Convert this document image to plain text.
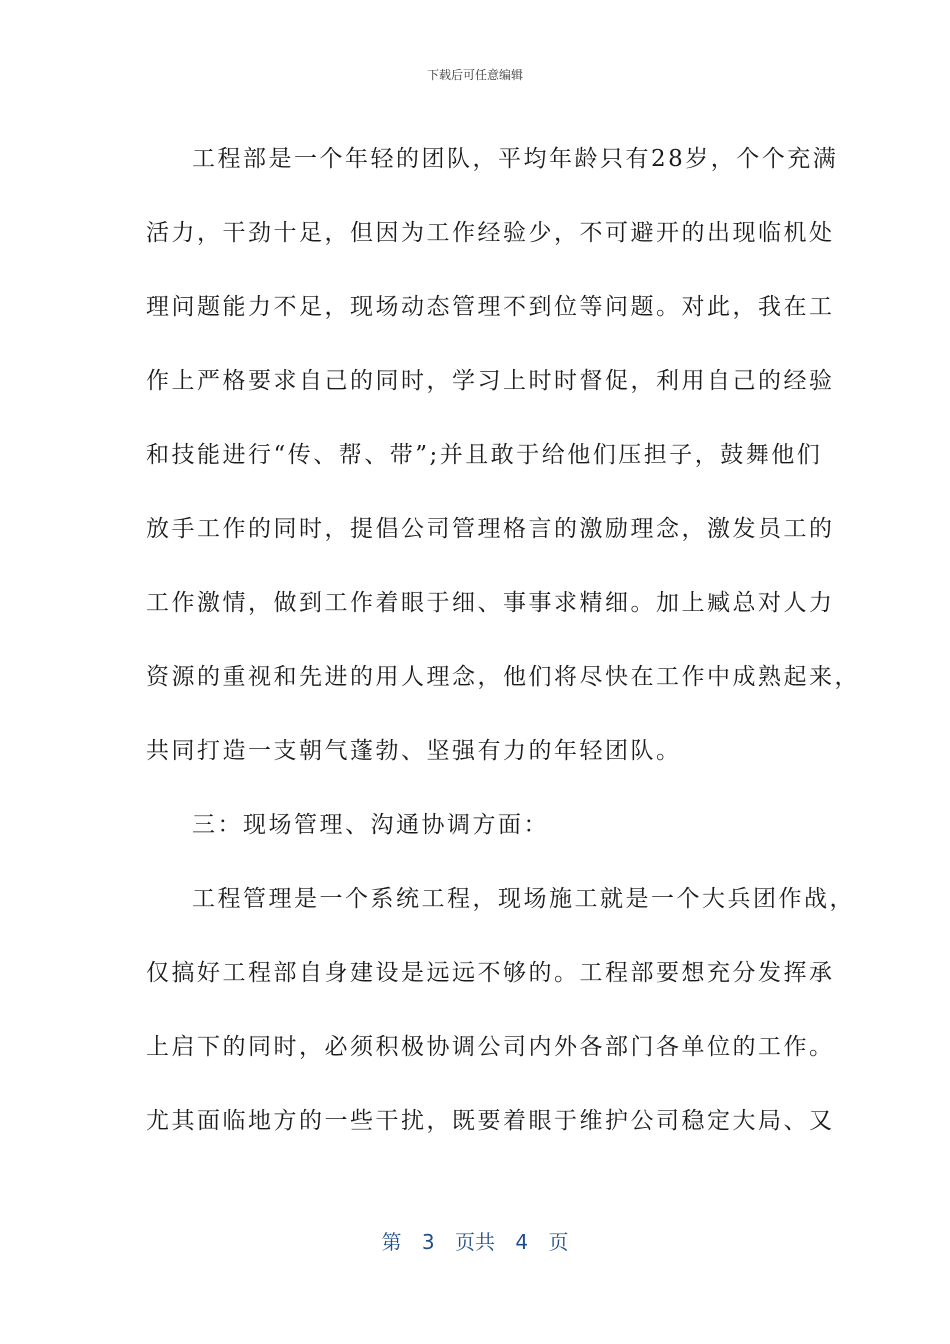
下载后可任意编辑
工程部是一个年轻的团队，平均年龄只有28岁，个个充满
活力，干劲十足，但因为工作经验少，不可避开的出现临机处
理问题能力不足，现场动态管理不到位等问题。对此，我在工
作上严格要求自己的同时，学习上时时督促，利用自己的经验
和技能进行“传、帮、带”;并且敢于给他们压担子，鼓舞他们
放手工作的同时，提倡公司管理格言的激励理念，激发员工的
工作激情，做到工作着眼于细、事事求精细。加上臧总对人力
资源的重视和先进的用人理念，他们将尽快在工作中成熟起来，
共同打造一支朝气蓬勃、坚强有力的年轻团队。
三：现场管理、沟通协调方面：
工程管理是一个系统工程，现场施工就是一个大兵团作战，
仅搞好工程部自身建设是远远不够的。工程部要想充分发挥承
上启下的同时，必须积极协调公司内外各部门各单位的工作。
尤其面临地方的一些干扰，既要着眼于维护公司稳定大局、又
第 3 页共 4 页
